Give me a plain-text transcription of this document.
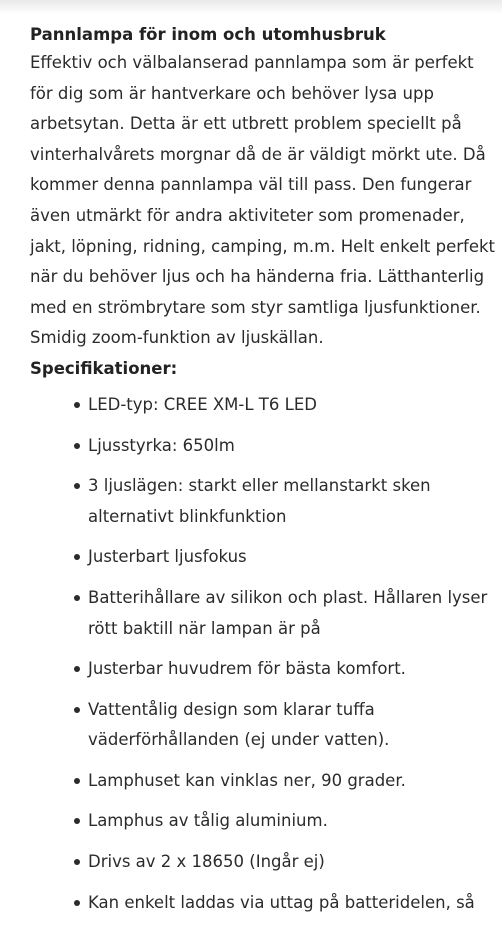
Pannlampa för inom och utomhusbruk

Effektiv och välbalanserad pannlampa som är perfekt
för dig som är hantverkare och behöver lysa upp
arbetsytan. Detta är ett utbrett problem speciellt på
vinterhalvårets morgnar då de är väldigt mörkt ute. Då
kommer denna pannlampa väl till pass. Den fungerar
även utmärkt för andra aktiviteter som promenader,
jakt, löpning, ridning, camping, m.m. Helt enkelt perfekt
när du behöver ljus och ha händerna fria. Lätthanterlig
med en strömbrytare som styr samtliga ljusfunktioner.
Smidig zoom-funktion av ljuskällan.

Specifikationer:
LED-typ: CREE XM-L T6 LED
Ljusstyrka: 650lm
3 ljuslägen: starkt eller mellanstarkt sken
alternativt blinkfunktion
Justerbart ljusfokus
Batterihållare av silikon och plast. Hållaren lyser
rött baktill när lampan är på
Justerbar huvudrem för bästa komfort.
Vattentålig design som klarar tuffa
väderförhållanden (ej under vatten).
Lamphuset kan vinklas ner, 90 grader.
Lamphus av tålig aluminium.
Drivs av 2 x 18650 (Ingår ej)
Kan enkelt laddas via uttag på batteridelen, så
